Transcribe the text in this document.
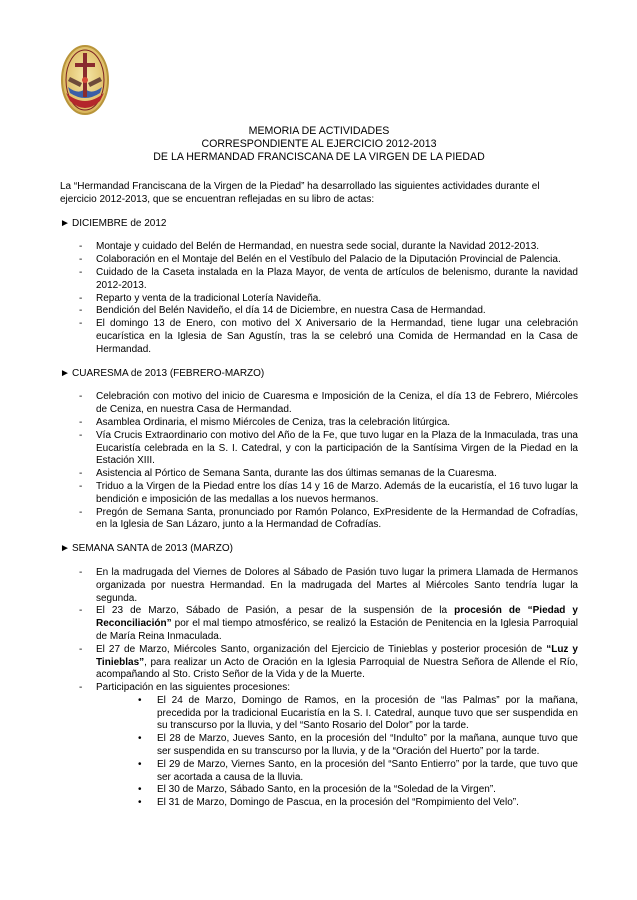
MEMORIA DE ACTIVIDADES
CORRESPONDIENTE AL EJERCICIO 2012-2013
DE LA HERMANDAD FRANCISCANA DE LA VIRGEN DE LA PIEDAD

La “Hermandad Franciscana de la Virgen de la Piedad” ha desarrollado las siguientes actividades durante el ejercicio 2012-2013, que se encuentran reflejadas en su libro de actas:

► DICIEMBRE de 2012
- Montaje y cuidado del Belén de Hermandad, en nuestra sede social, durante la Navidad 2012-2013.
- Colaboración en el Montaje del Belén en el Vestíbulo del Palacio de la Diputación Provincial de Palencia.
- Cuidado de la Caseta instalada en la Plaza Mayor, de venta de artículos de belenismo, durante la navidad 2012-2013.
- Reparto y venta de la tradicional Lotería Navideña.
- Bendición del Belén Navideño, el día 14 de Diciembre, en nuestra Casa de Hermandad.
- El domingo 13 de Enero, con motivo del X Aniversario de la Hermandad, tiene lugar una celebración eucarística en la Iglesia de San Agustín, tras la se celebró una Comida de Hermandad en la Casa de Hermandad.
► CUARESMA de 2013 (FEBRERO-MARZO)
- Celebración con motivo del inicio de Cuaresma e Imposición de la Ceniza, el día 13 de Febrero, Miércoles de Ceniza, en nuestra Casa de Hermandad.
- Asamblea Ordinaria, el mismo Miércoles de Ceniza, tras la celebración litúrgica.
- Vía Crucis Extraordinario con motivo del Año de la Fe, que tuvo lugar en la Plaza de la Inmaculada, tras una Eucaristía celebrada en la S. I. Catedral, y con la participación de la Santísima Virgen de la Piedad en la Estación XIII.
- Asistencia al Pórtico de Semana Santa, durante las dos últimas semanas de la Cuaresma.
- Triduo a la Virgen de la Piedad entre los días 14 y 16 de Marzo. Además de la eucaristía, el 16 tuvo lugar la bendición e imposición de las medallas a los nuevos hermanos.
- Pregón de Semana Santa, pronunciado por Ramón Polanco, ExPresidente de la Hermandad de Cofradías, en la Iglesia de San Lázaro, junto a la Hermandad de Cofradías.
► SEMANA SANTA de 2013 (MARZO)
- En la madrugada del Viernes de Dolores al Sábado de Pasión tuvo lugar la primera Llamada de Hermanos organizada por nuestra Hermandad. En la madrugada del Martes al Miércoles Santo tendría lugar la segunda.
- El 23 de Marzo, Sábado de Pasión, a pesar de la suspensión de la procesión de “Piedad y Reconciliación” por el mal tiempo atmosférico, se realizó la Estación de Penitencia en la Iglesia Parroquial de María Reina Inmaculada.
- El 27 de Marzo, Miércoles Santo, organización del Ejercicio de Tinieblas y posterior procesión de “Luz y Tinieblas”, para realizar un Acto de Oración en la Iglesia Parroquial de Nuestra Señora de Allende el Río, acompañando al Sto. Cristo Señor de la Vida y de la Muerte.
- Participación en las siguientes procesiones:
• El 24 de Marzo, Domingo de Ramos, en la procesión de “las Palmas” por la mañana, precedida por la tradicional Eucaristía en la S. I. Catedral, aunque tuvo que ser suspendida en su transcurso por la lluvia, y del “Santo Rosario del Dolor” por la tarde.
• El 28 de Marzo, Jueves Santo, en la procesión del “Indulto” por la mañana, aunque tuvo que ser suspendida en su transcurso por la lluvia, y de la “Oración del Huerto” por la tarde.
• El 29 de Marzo, Viernes Santo, en la procesión del “Santo Entierro” por la tarde, que tuvo que ser acortada a causa de la lluvia.
• El 30 de Marzo, Sábado Santo, en la procesión de la “Soledad de la Virgen”.
• El 31 de Marzo, Domingo de Pascua, en la procesión del “Rompimiento del Velo”.
